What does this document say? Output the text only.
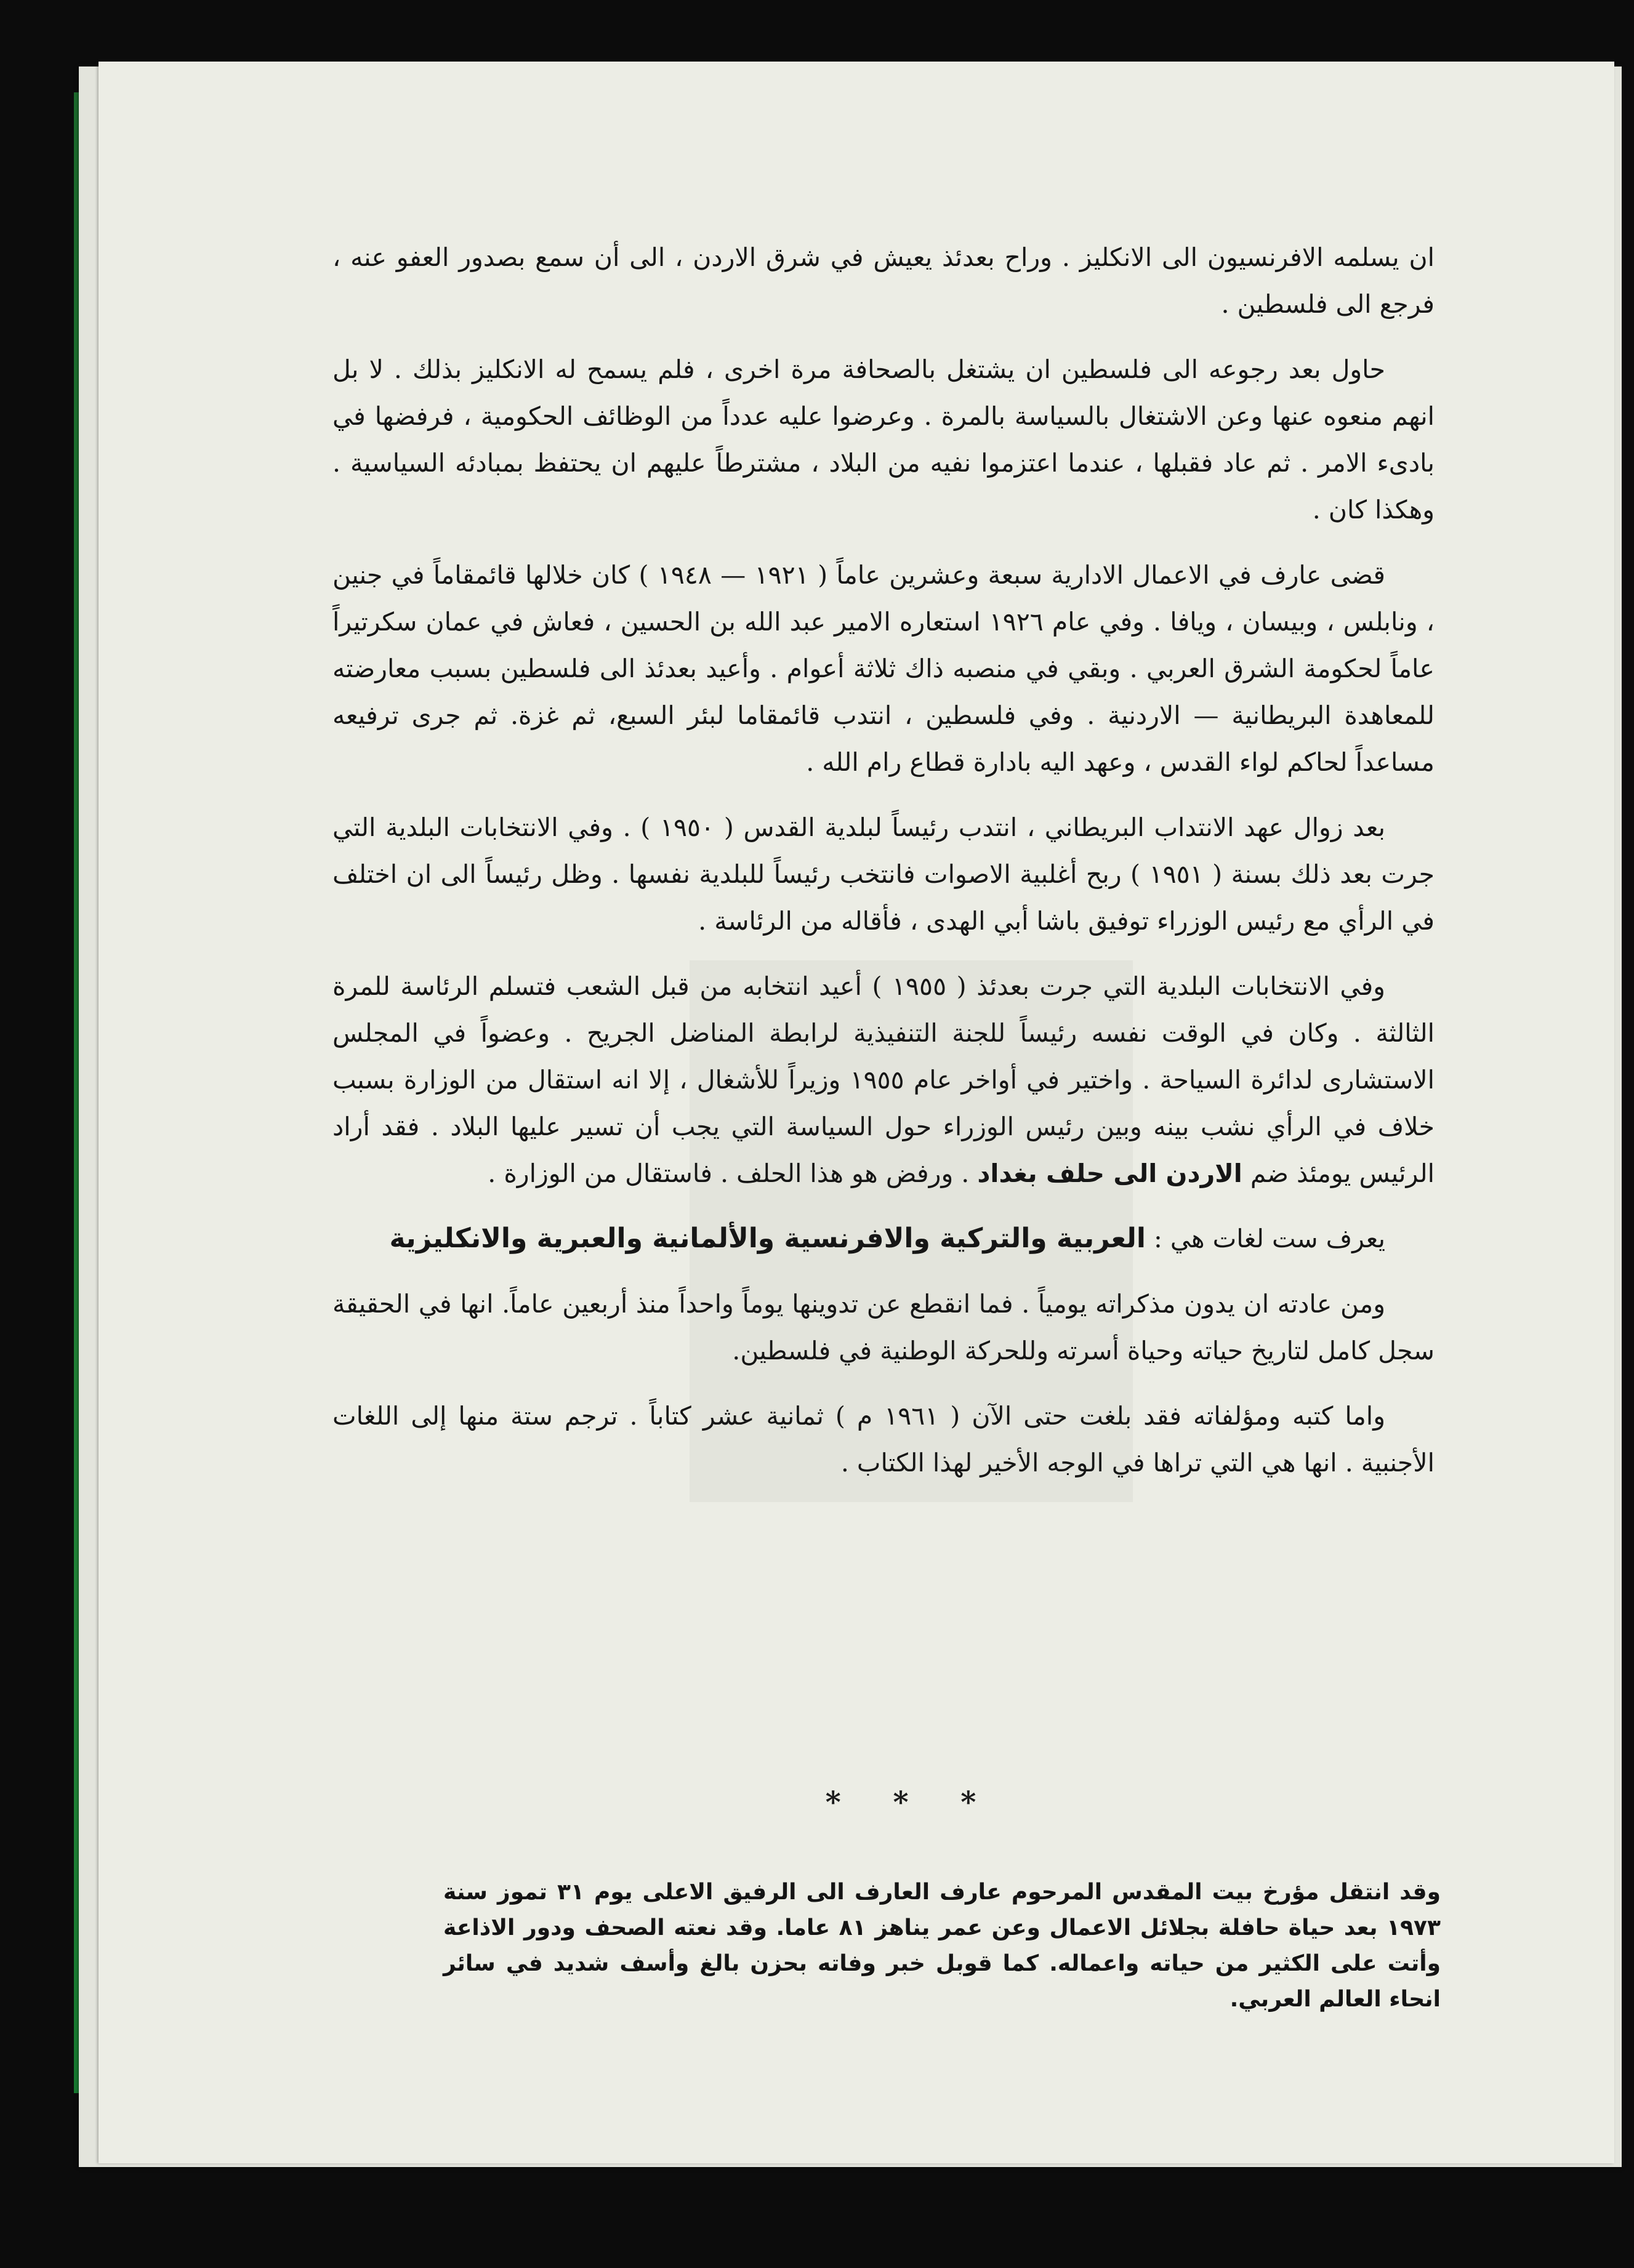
ان يسلمه الافرنسيون الى الانكليز . وراح بعدئذ يعيش في شرق الاردن ، الى أن سمع بصدور العفو عنه ، فرجع الى فلسطين .

حاول بعد رجوعه الى فلسطين ان يشتغل بالصحافة مرة اخرى ، فلم يسمح له الانكليز بذلك . لا بل انهم منعوه عنها وعن الاشتغال بالسياسة بالمرة . وعرضوا عليه عدداً من الوظائف الحكومية ، فرفضها في بادىء الامر . ثم عاد فقبلها ، عندما اعتزموا نفيه من البلاد ، مشترطاً عليهم ان يحتفظ بمبادئه السياسية . وهكذا كان .

قضى عارف في الاعمال الادارية سبعة وعشرين عاماً ( ١٩٢١ — ١٩٤٨ ) كان خلالها قائمقاماً في جنين ، ونابلس ، وبيسان ، ويافا . وفي عام ١٩٢٦ استعاره الامير عبد الله بن الحسين ، فعاش في عمان سكرتيراً عاماً لحكومة الشرق العربي . وبقي في منصبه ذاك ثلاثة أعوام . وأعيد بعدئذ الى فلسطين بسبب معارضته للمعاهدة البريطانية — الاردنية . وفي فلسطين ، انتدب قائمقاما لبئر السبع، ثم غزة. ثم جرى ترفيعه مساعداً لحاكم لواء القدس ، وعهد اليه بادارة قطاع رام الله .

بعد زوال عهد الانتداب البريطاني ، انتدب رئيساً لبلدية القدس ( ١٩٥٠ ) . وفي الانتخابات البلدية التي جرت بعد ذلك بسنة ( ١٩٥١ ) ربح أغلبية الاصوات فانتخب رئيساً للبلدية نفسها . وظل رئيساً الى ان اختلف في الرأي مع رئيس الوزراء توفيق باشا أبي الهدى ، فأقاله من الرئاسة .

وفي الانتخابات البلدية التي جرت بعدئذ ( ١٩٥٥ ) أعيد انتخابه من قبل الشعب فتسلم الرئاسة للمرة الثالثة . وكان في الوقت نفسه رئيساً للجنة التنفيذية لرابطة المناضل الجريح . وعضواً في المجلس الاستشارى لدائرة السياحة . واختير في أواخر عام ١٩٥٥ وزيراً للأشغال ، إلا انه استقال من الوزارة بسبب خلاف في الرأي نشب بينه وبين رئيس الوزراء حول السياسة التي يجب أن تسير عليها البلاد . فقد أراد الرئيس يومئذ ضم الاردن الى حلف بغداد . ورفض هو هذا الحلف . فاستقال من الوزارة .

يعرف ست لغات هي : العربية والتركية والافرنسية والألمانية والعبرية والانكليزية

ومن عادته ان يدون مذكراته يومياً . فما انقطع عن تدوينها يوماً واحداً منذ أربعين عاماً. انها في الحقيقة سجل كامل لتاريخ حياته وحياة أسرته وللحركة الوطنية في فلسطين.

واما كتبه ومؤلفاته فقد بلغت حتى الآن ( ١٩٦١ م ) ثمانية عشر كتاباً . ترجم ستة منها إلى اللغات الأجنبية . انها هي التي تراها في الوجه الأخير لهذا الكتاب .

* * *

وقد انتقل مؤرخ بيت المقدس المرحوم عارف العارف الى الرفيق الاعلى يوم ٣١ تموز سنة ١٩٧٣ بعد حياة حافلة بجلائل الاعمال وعن عمر يناهز ٨١ عاما. وقد نعته الصحف ودور الاذاعة وأتت على الكثير من حياته واعماله. كما قوبل خبر وفاته بحزن بالغ وأسف شديد في سائر انحاء العالم العربي.
